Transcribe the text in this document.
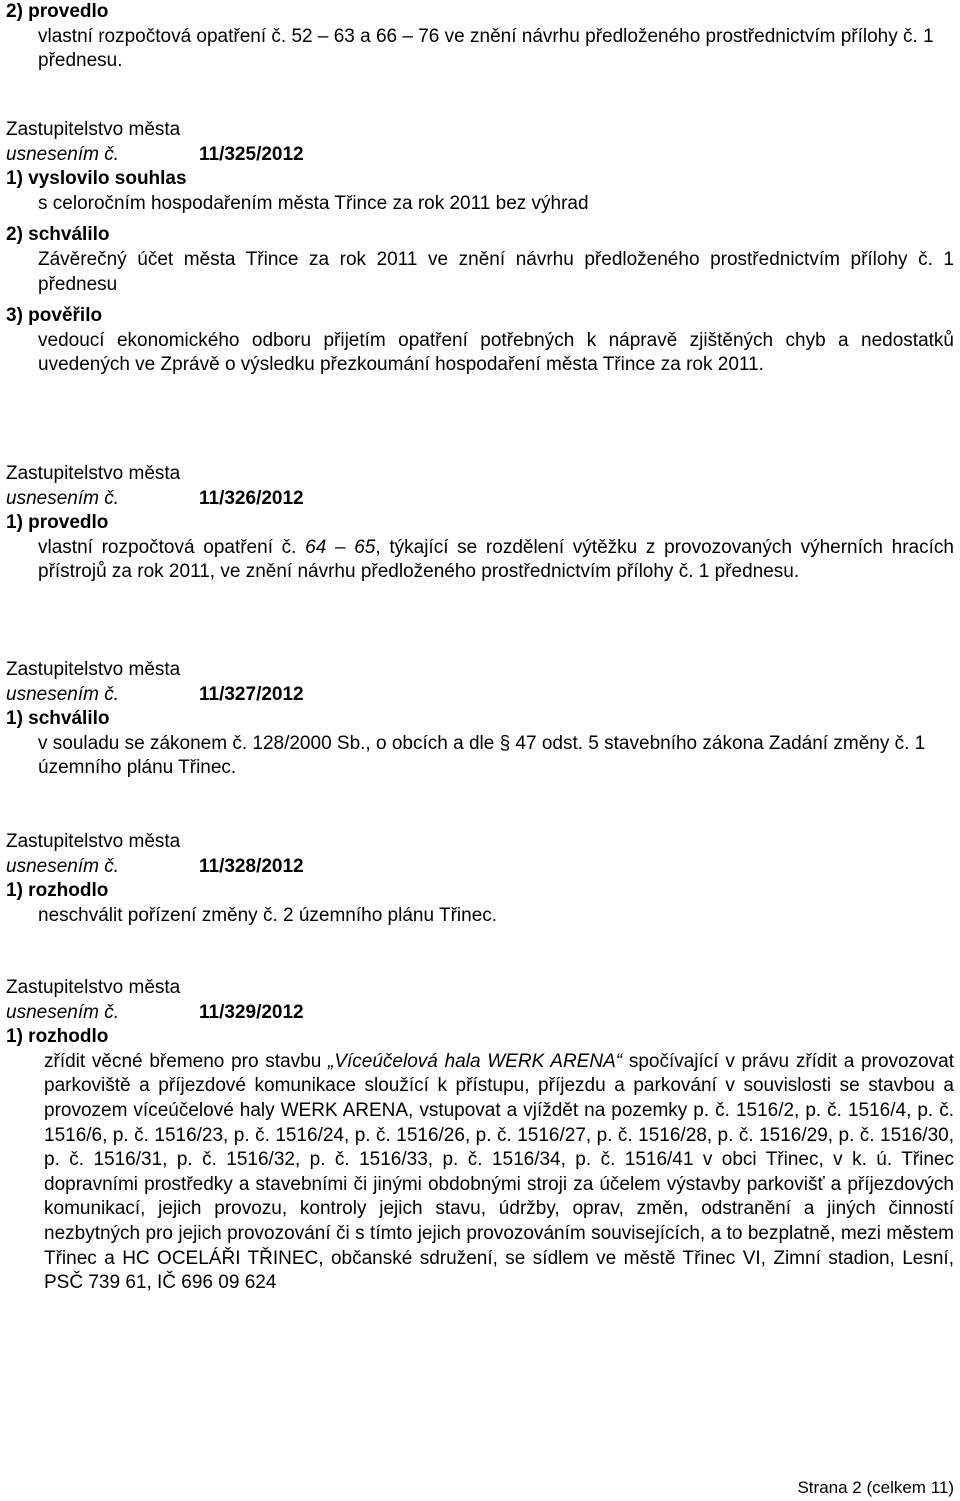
2) provedlo

vlastní rozpočtová opatření č. 52 – 63 a 66 – 76 ve znění návrhu předloženého prostřednictvím přílohy č. 1 přednesu.

Zastupitelstvo města

usnesením č.	11/325/2012

1) vyslovilo souhlas

s celoročním hospodařením města Třince za rok 2011 bez výhrad

2) schválilo

Závěrečný účet města Třince za rok 2011 ve znění návrhu předloženého prostřednictvím přílohy č. 1 přednesu

3) pověřilo

vedoucí ekonomického odboru přijetím opatření potřebných k nápravě zjištěných chyb a nedostatků uvedených ve Zprávě o výsledku přezkoumání hospodaření města Třince za rok 2011.

Zastupitelstvo města

usnesením č.	11/326/2012

1) provedlo

vlastní rozpočtová opatření č. 64 – 65, týkající se rozdělení výtěžku z provozovaných výherních hracích přístrojů za rok 2011, ve znění návrhu předloženého prostřednictvím přílohy č. 1 přednesu.

Zastupitelstvo města

usnesením č.	11/327/2012

1) schválilo

v souladu se zákonem č. 128/2000 Sb., o obcích a dle § 47 odst. 5 stavebního zákona Zadání změny č. 1 územního plánu Třinec.

Zastupitelstvo města

usnesením č.	11/328/2012

1) rozhodlo

neschválit pořízení změny č. 2 územního plánu Třinec.

Zastupitelstvo města

usnesením č.	11/329/2012

1) rozhodlo

zřídit věcné břemeno pro stavbu „Víceúčelová hala WERK ARENA“ spočívající v právu zřídit a provozovat parkoviště a příjezdové komunikace sloužící k přístupu, příjezdu a parkování v souvislosti se stavbou a provozem víceúčelové haly WERK ARENA, vstupovat a vjíždět na pozemky p. č. 1516/2, p. č. 1516/4, p. č. 1516/6, p. č. 1516/23, p. č. 1516/24, p. č. 1516/26, p. č. 1516/27, p. č. 1516/28, p. č. 1516/29, p. č. 1516/30, p. č. 1516/31, p. č. 1516/32, p. č. 1516/33, p. č. 1516/34, p. č. 1516/41 v obci Třinec, v k. ú. Třinec dopravními prostředky a stavebními či jinými obdobnými stroji za účelem výstavby parkovišť a příjezdových komunikací, jejich provozu, kontroly jejich stavu, údržby, oprav, změn, odstranění a jiných činností nezbytných pro jejich provozování či s tímto jejich provozováním souvisejících, a to bezplatně, mezi městem Třinec a HC OCELÁŘI TŘINEC, občanské sdružení, se sídlem ve městě Třinec VI, Zimní stadion, Lesní, PSČ 739 61, IČ 696 09 624

Strana 2 (celkem 11)
